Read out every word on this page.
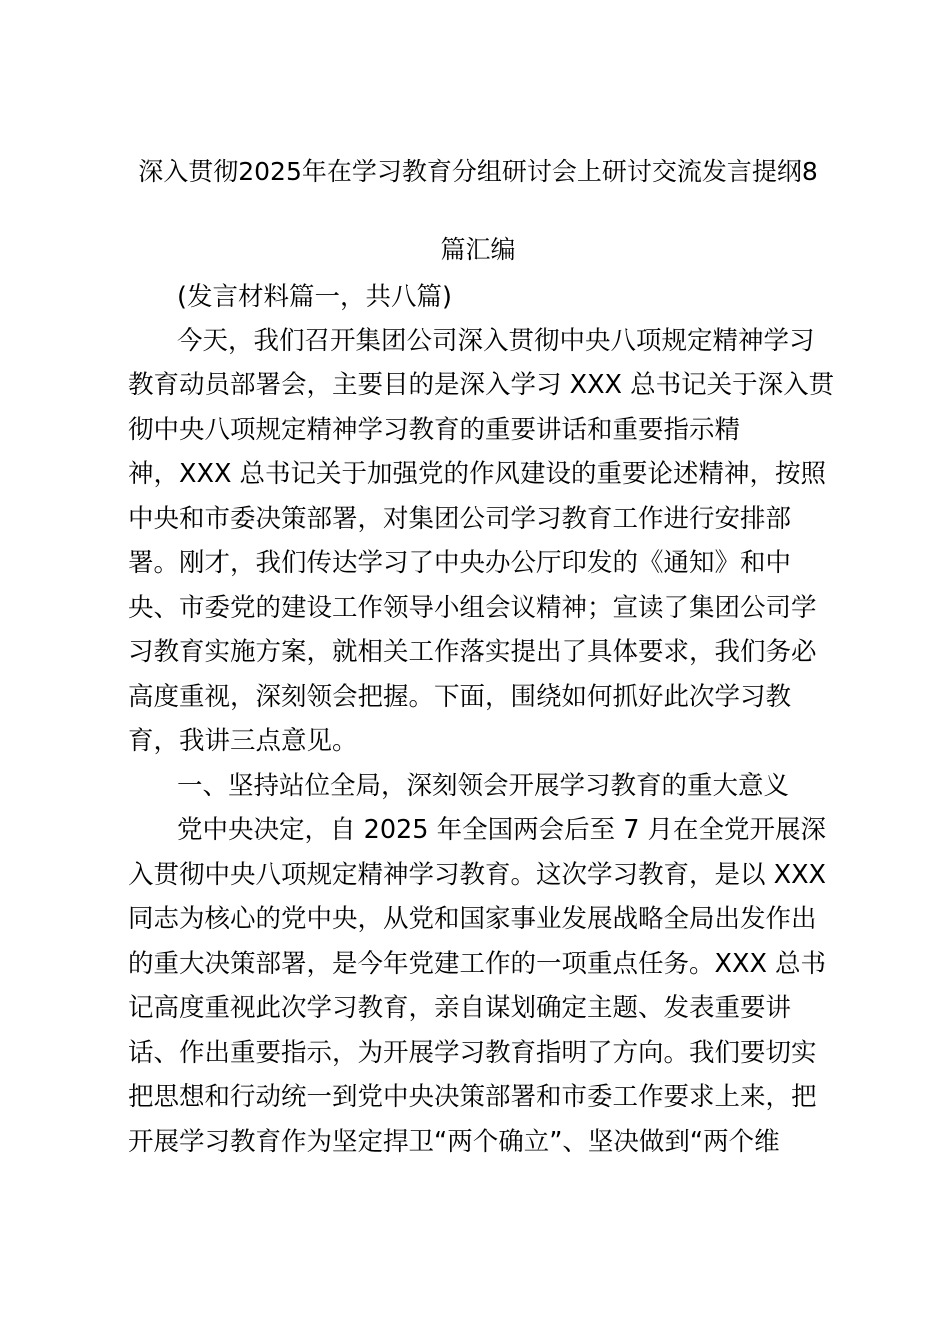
深入贯彻2025年在学习教育分组研讨会上研讨交流发言提纲8
篇汇编
(发言材料篇一，共八篇)
今天，我们召开集团公司深入贯彻中央八项规定精神学习
教育动员部署会，主要目的是深入学习 XXX 总书记关于深入贯
彻中央八项规定精神学习教育的重要讲话和重要指示精
神，XXX 总书记关于加强党的作风建设的重要论述精神，按照
中央和市委决策部署，对集团公司学习教育工作进行安排部
署。刚才，我们传达学习了中央办公厅印发的《通知》和中
央、市委党的建设工作领导小组会议精神；宣读了集团公司学
习教育实施方案，就相关工作落实提出了具体要求，我们务必
高度重视，深刻领会把握。下面，围绕如何抓好此次学习教
育，我讲三点意见。
一、坚持站位全局，深刻领会开展学习教育的重大意义
党中央决定，自 2025 年全国两会后至 7 月在全党开展深
入贯彻中央八项规定精神学习教育。这次学习教育，是以 XXX
同志为核心的党中央，从党和国家事业发展战略全局出发作出
的重大决策部署，是今年党建工作的一项重点任务。XXX 总书
记高度重视此次学习教育，亲自谋划确定主题、发表重要讲
话、作出重要指示，为开展学习教育指明了方向。我们要切实
把思想和行动统一到党中央决策部署和市委工作要求上来，把
开展学习教育作为坚定捍卫“两个确立”、坚决做到“两个维
